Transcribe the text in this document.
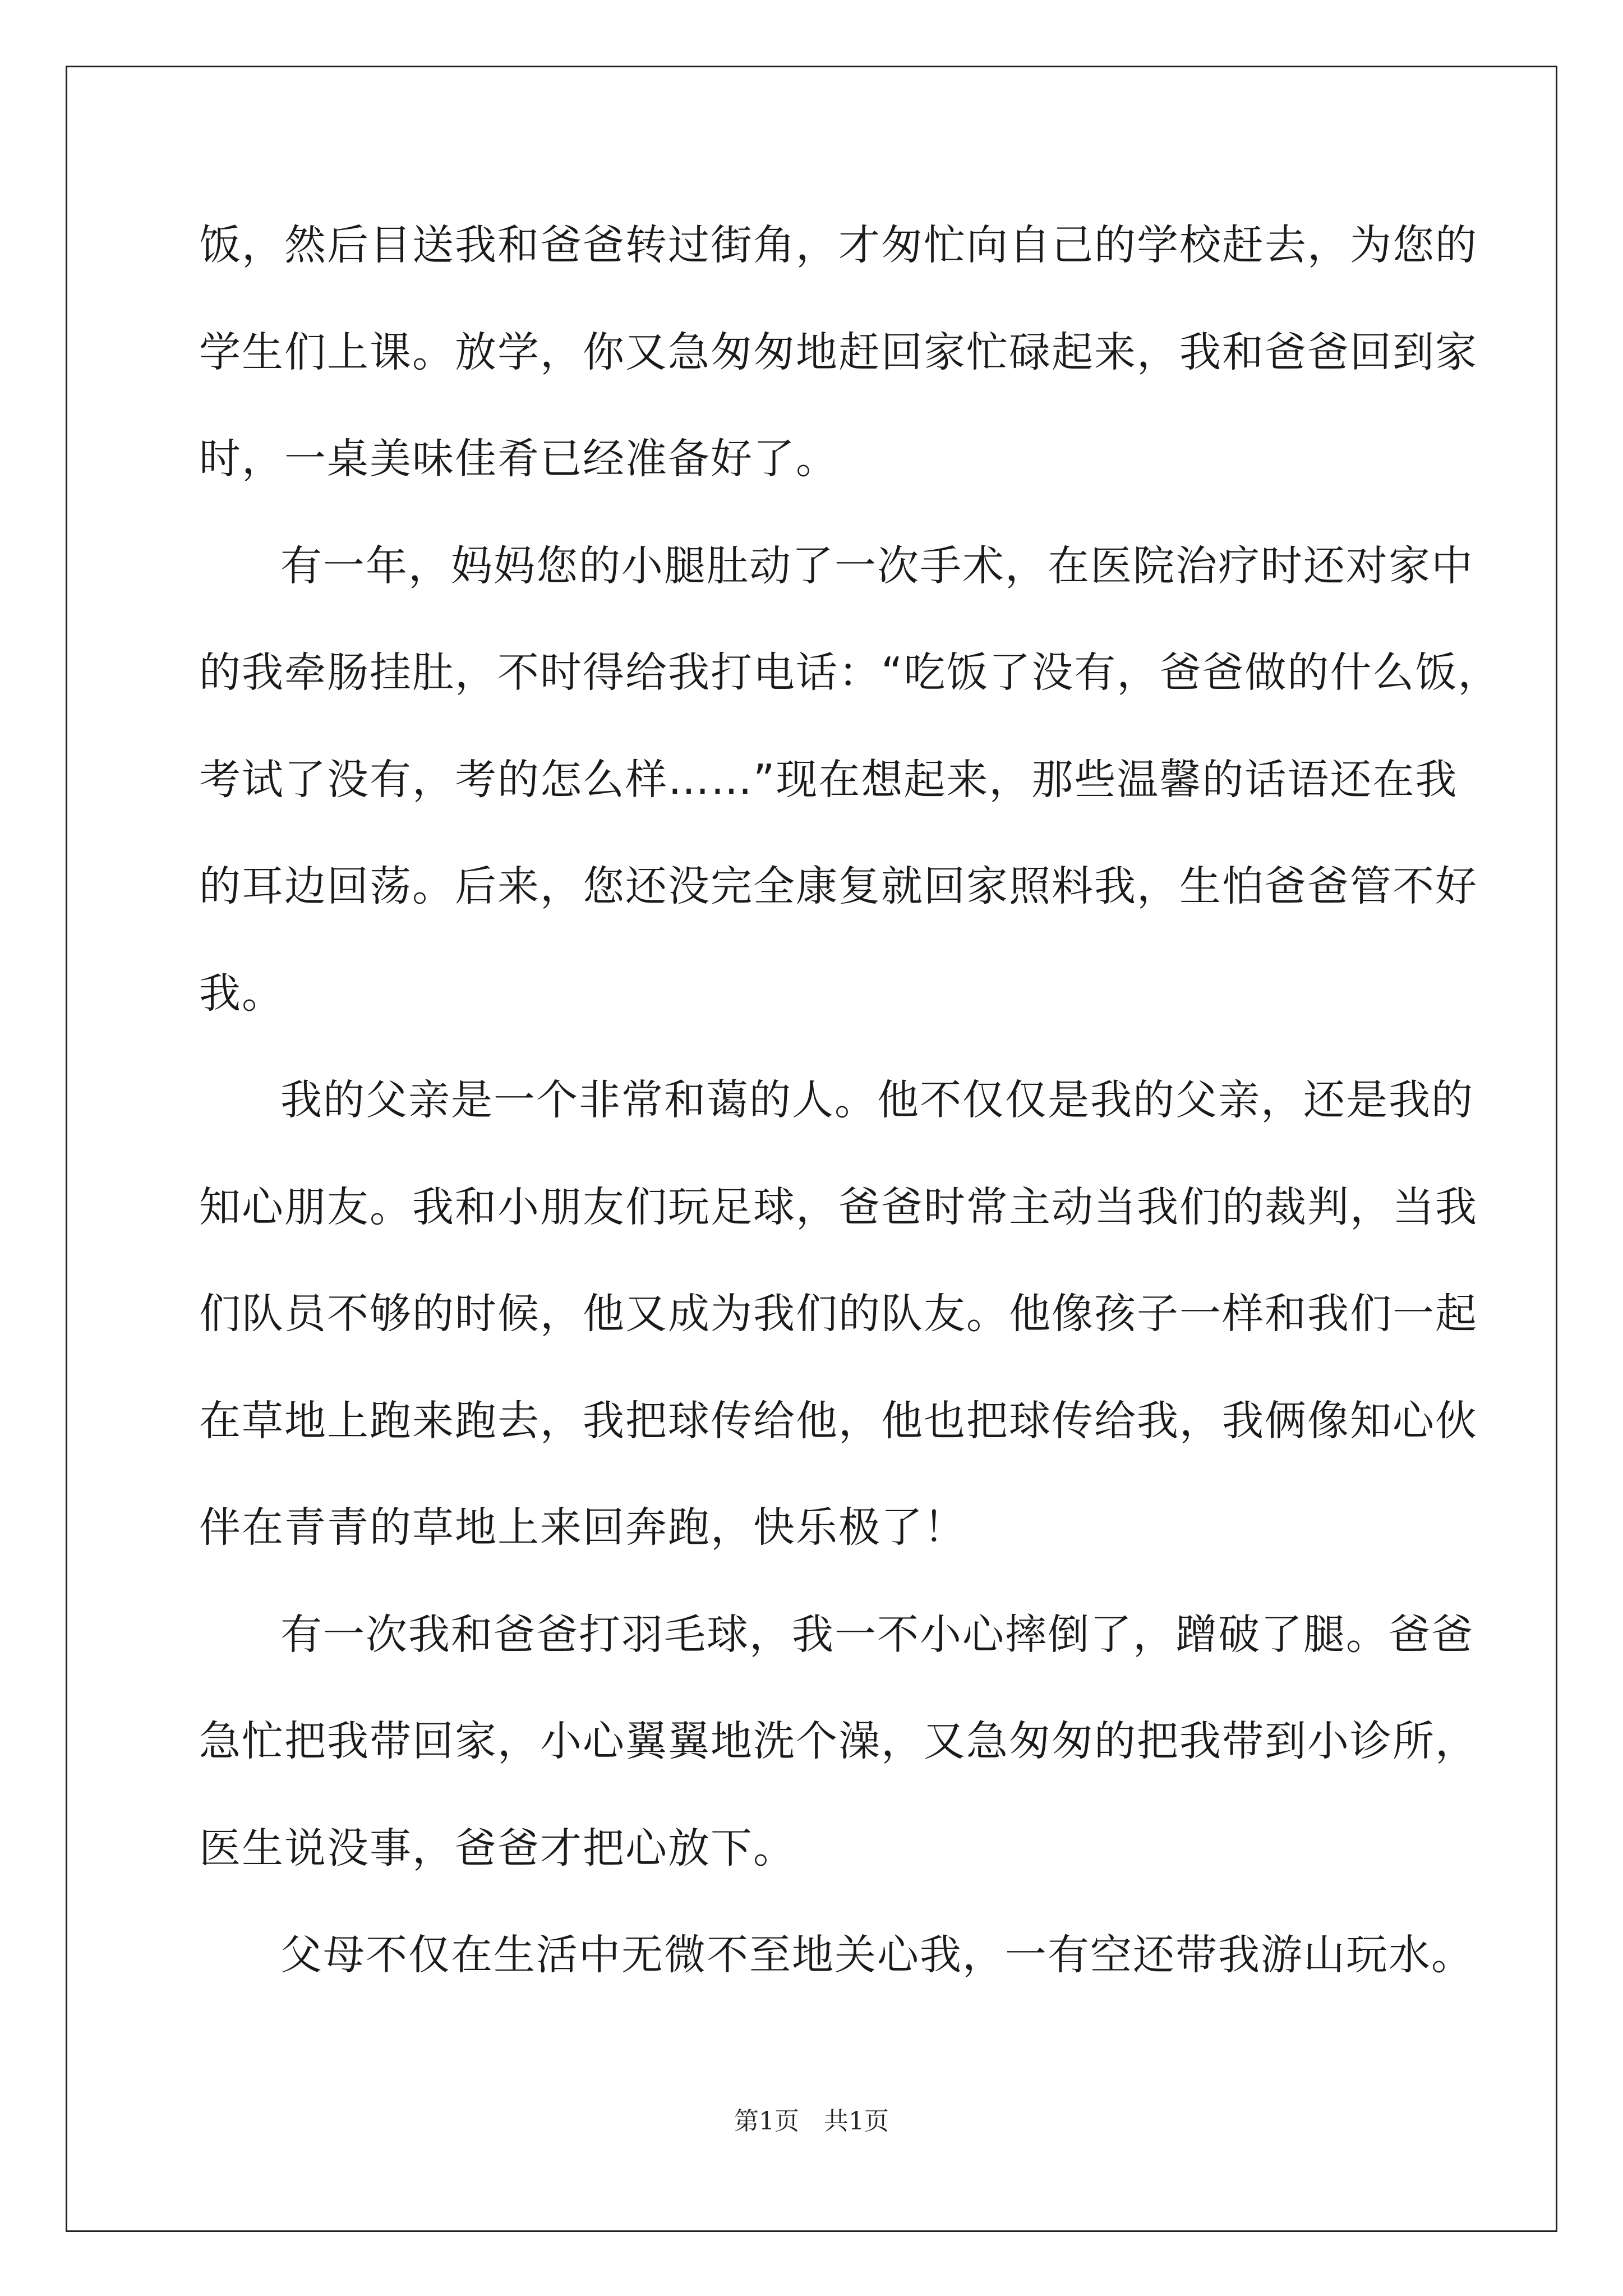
饭，然后目送我和爸爸转过街角，才匆忙向自己的学校赶去，为您的
学生们上课。放学，你又急匆匆地赶回家忙碌起来，我和爸爸回到家
时，一桌美味佳肴已经准备好了。
有一年，妈妈您的小腿肚动了一次手术，在医院治疗时还对家中
的我牵肠挂肚，不时得给我打电话：“吃饭了没有，爸爸做的什么饭，
考试了没有，考的怎么样……”现在想起来，那些温馨的话语还在我
的耳边回荡。后来，您还没完全康复就回家照料我，生怕爸爸管不好
我。
我的父亲是一个非常和蔼的人。他不仅仅是我的父亲，还是我的
知心朋友。我和小朋友们玩足球，爸爸时常主动当我们的裁判，当我
们队员不够的时候，他又成为我们的队友。他像孩子一样和我们一起
在草地上跑来跑去，我把球传给他，他也把球传给我，我俩像知心伙
伴在青青的草地上来回奔跑，快乐极了！
有一次我和爸爸打羽毛球，我一不小心摔倒了，蹭破了腿。爸爸
急忙把我带回家，小心翼翼地洗个澡，又急匆匆的把我带到小诊所，
医生说没事，爸爸才把心放下。
父母不仅在生活中无微不至地关心我，一有空还带我游山玩水。
第1页 共1页
